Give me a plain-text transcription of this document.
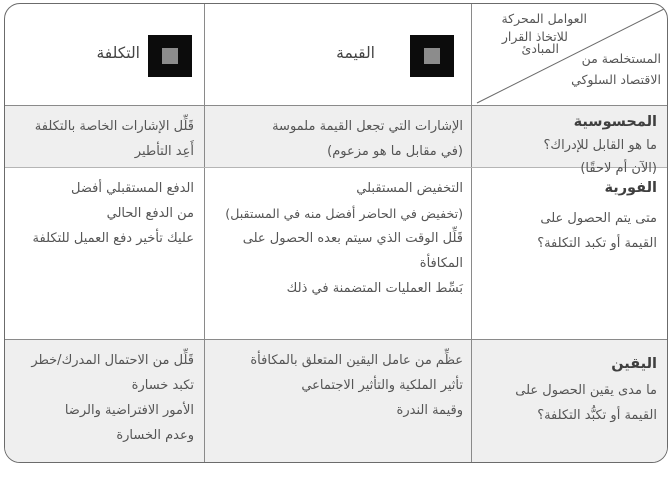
العوامل المحركة
للاتخاذ القرار
المبادئ
المستخلصة من
الاقتصاد السلوكي
القيمة
التكلفة
المحسوسية
ما هو القابل للإدراك؟
(الآن أم لاحقًا)
الإشارات التي تجعل القيمة ملموسة
(في مقابل ما هو مزعوم)
قَلِّل الإشارات الخاصة بالتكلفة
أَعِد التأطير
الفورية
متى يتم الحصول على
القيمة أو تكبد التكلفة؟
التخفيض المستقبلي
(تخفيض في الحاضر أفضل منه في المستقبل)
قَلِّل الوقت الذي سيتم بعده الحصول على
المكافأة
بَسِّط العمليات المتضمنة في ذلك
الدفع المستقبلي أفضل
من الدفع الحالي
عليك تأخير دفع العميل للتكلفة
اليقين
ما مدى يقين الحصول على
القيمة أو تكبُّد التكلفة؟
عظِّم من عامل اليقين المتعلق بالمكافأة
تأثير الملكية والتأثير الاجتماعي
وقيمة الندرة
قَلِّل من الاحتمال المدرك/خطر
تكبد خسارة
الأمور الافتراضية والرضا
وعدم الخسارة
